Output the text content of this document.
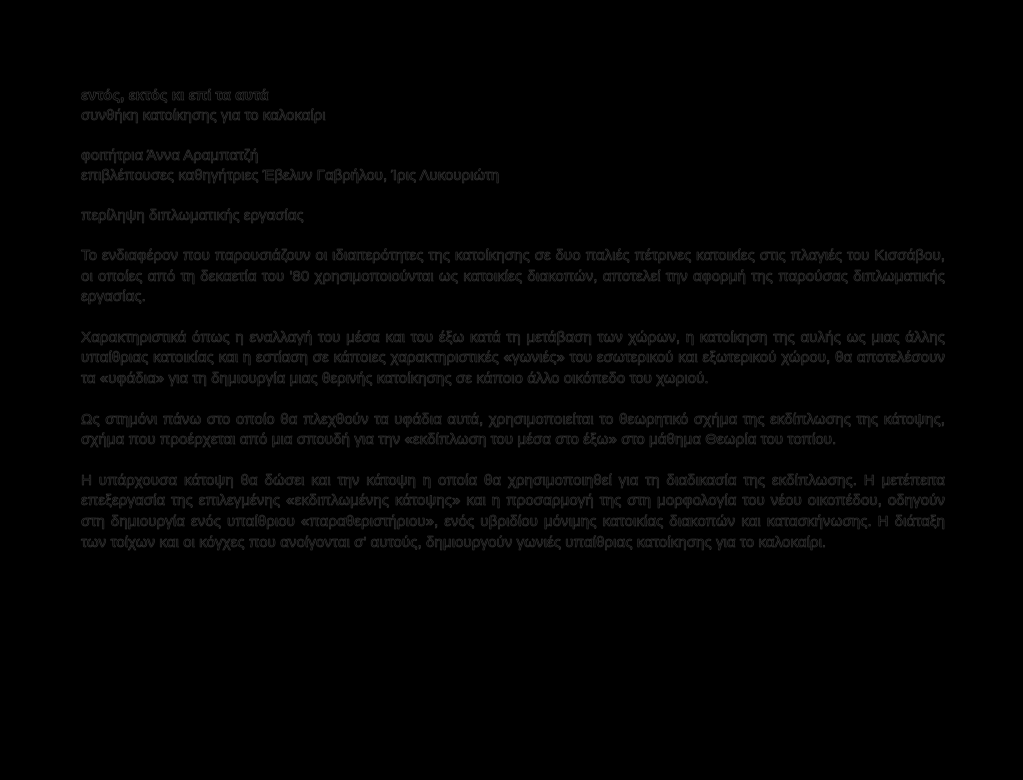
εντός, εκτός κι επί τα αυτά

συνθήκη κατοίκησης για το καλοκαίρι

φοιτήτρια Άννα Αραμπατζή

επιβλέπουσες καθηγήτριες Έβελυν Γαβρήλου, Ίρις Λυκουριώτη

περίληψη διπλωματικής εργασίας

Το ενδιαφέρον που παρουσιάζουν οι ιδιαιτερότητες της κατοίκησης σε δυο παλιές πέτρινες κατοικίες στις πλαγιές του Κισσάβου, οι οποίες από τη δεκαετία του '80 χρησιμοποιούνται ως κατοικίες διακοπών, αποτελεί την αφορμή της παρούσας διπλωματικής εργασίας.

Χαρακτηριστικά όπως η εναλλαγή του μέσα και του έξω κατά τη μετάβαση των χώρων, η κατοίκηση της αυλής ως μιας άλλης υπαίθριας κατοικίας και η εστίαση σε κάποιες χαρακτηριστικές «γωνιές» του εσωτερικού και εξωτερικού χώρου, θα αποτελέσουν τα «υφάδια» για τη δημιουργία μιας θερινής κατοίκησης σε κάποιο άλλο οικόπεδο του χωριού.

Ως στημόνι πάνω στο οποίο θα πλεχθούν τα υφάδια αυτά, χρησιμοποιείται το θεωρητικό σχήμα της εκδίπλωσης της κάτοψης, σχήμα που προέρχεται από μια σπουδή για την «εκδίπλωση του μέσα στο έξω» στο μάθημα Θεωρία του τοπίου.

Η υπάρχουσα κάτοψη θα δώσει και την κάτοψη η οποία θα χρησιμοποιηθεί για τη διαδικασία της εκδίπλωσης. Η μετέπειτα επεξεργασία της επιλεγμένης «εκδιπλωμένης κάτοψης» και η προσαρμογή της στη μορφολογία του νέου οικοπέδου, οδηγούν στη δημιουργία ενός υπαίθριου «παραθεριστήριου», ενός υβριδίου μόνιμης κατοικίας διακοπών και κατασκήνωσης. Η διάταξη των τοίχων και οι κόγχες που ανοίγονται σ' αυτούς, δημιουργούν γωνιές υπαίθριας κατοίκησης για το καλοκαίρι.
